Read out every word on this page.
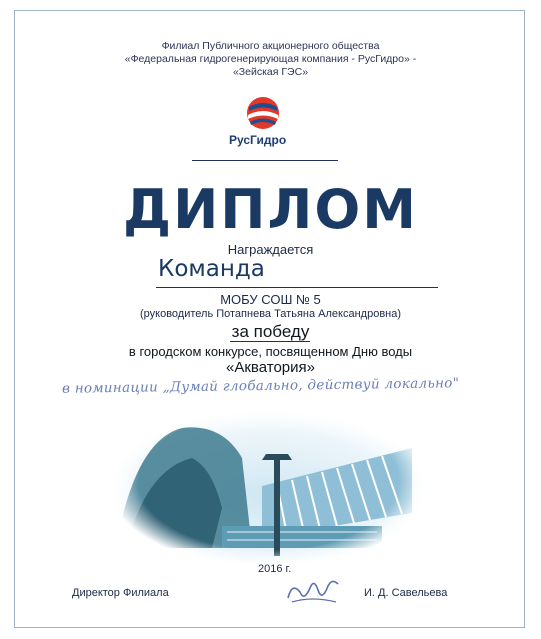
Филиал Публичного акционерного общества
«Федеральная гидрогенерирующая компания - РусГидро» -
«Зейская ГЭС»
РусГидро
ДИПЛОМ
Награждается
Команда
МОБУ СОШ № 5
(руководитель Потапнева Татьяна Александровна)
за победу
в городском конкурсе, посвященном Дню воды
«Акватория»
в номинации „Думай глобально, действуй локально"
2016 г.
Директор Филиала	И. Д. Савельева
